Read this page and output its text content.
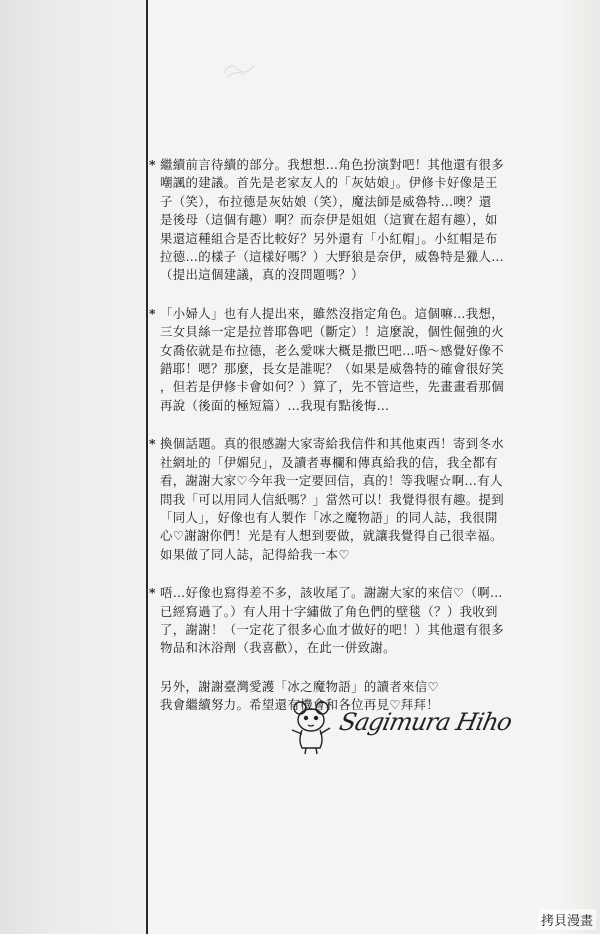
* 繼續前言待續的部分。我想想…角色扮演對吧！其他還有很多
嘲諷的建議。首先是老家友人的「灰姑娘」。伊修卡好像是王
子（笑），布拉德是灰姑娘（笑），魔法師是威魯特…噢？還
是後母（這個有趣）啊？而奈伊是姐姐（這實在超有趣），如
果還這種組合是否比較好？另外還有「小紅帽」。小紅帽是布
拉德…的樣子（這樣好嗎？）大野狼是奈伊，威魯特是獵人…
（提出這個建議，真的沒問題嗎？）
* 「小婦人」也有人提出來，雖然沒指定角色。這個嘛…我想，
三女貝絲一定是拉普耶魯吧（斷定）！這麼說，個性倔強的火
女喬依就是布拉德，老么愛咪大概是撒巴吧…唔～感覺好像不
錯耶！嗯？那麼，長女是誰呢？（如果是威魯特的確會很好笑
，但若是伊修卡會如何？）算了，先不管這些，先畫畫看那個
再說（後面的極短篇）…我現有點後悔…
* 換個話題。真的很感謝大家寄給我信件和其他東西！寄到冬水
社網址的「伊媚兒」，及讀者專欄和傳真給我的信，我全都有
看，謝謝大家♡今年我一定要回信，真的！等我喔☆啊…有人
問我「可以用同人信紙嗎？」當然可以！我覺得很有趣。提到
「同人」，好像也有人製作「冰之魔物語」的同人誌，我很開
心♡謝謝你們！光是有人想到要做，就讓我覺得自己很幸福。
如果做了同人誌，記得給我一本♡
* 唔…好像也寫得差不多，該收尾了。謝謝大家的來信♡（啊…
已經寫過了。）有人用十字繡做了角色們的壁毯（？）我收到
了，謝謝！（一定花了很多心血才做好的吧！）其他還有很多
物品和沐浴劑（我喜歡），在此一併致謝。
另外，謝謝臺灣愛護「冰之魔物語」的讀者來信♡
我會繼續努力。希望還有機會和各位再見♡拜拜！
Sagimura Hiho
拷貝漫畫
